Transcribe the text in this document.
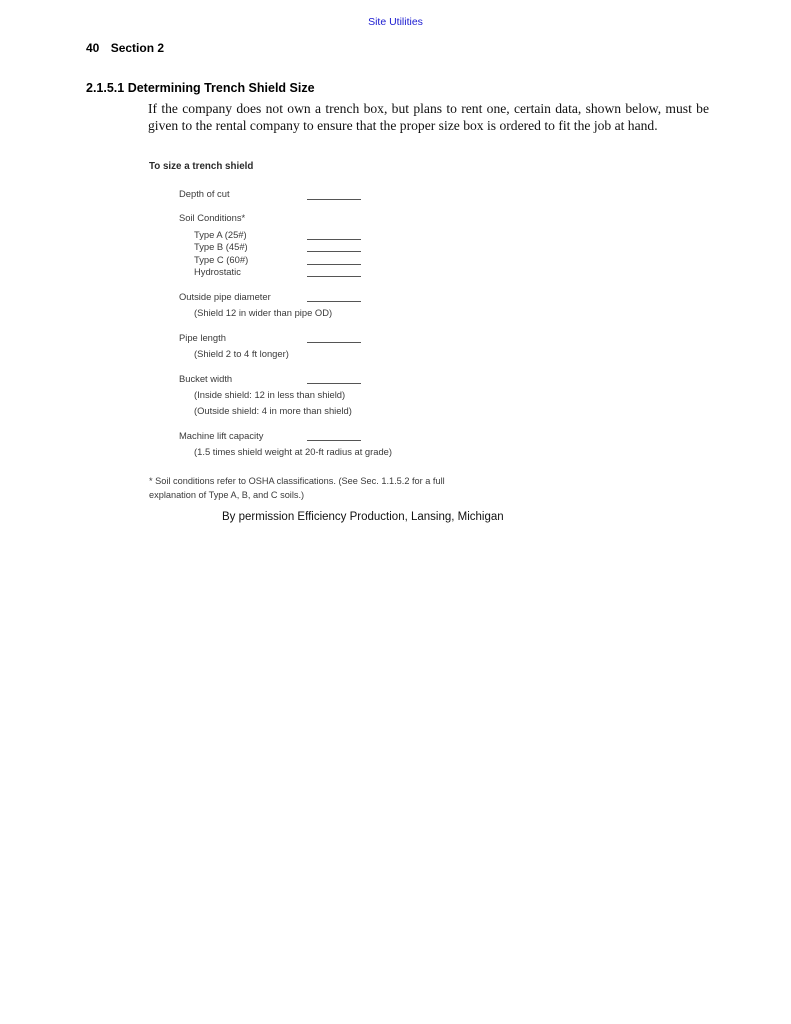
Site Utilities
40 Section 2
2.1.5.1 Determining Trench Shield Size
If the company does not own a trench box, but plans to rent one, certain data, shown below, must be given to the rental company to ensure that the proper size box is ordered to fit the job at hand.
To size a trench shield
Depth of cut
Soil Conditions*
Type A (25#)
Type B (45#)
Type C (60#)
Hydrostatic
Outside pipe diameter
(Shield 12 in wider than pipe OD)
Pipe length
(Shield 2 to 4 ft longer)
Bucket width
(Inside shield: 12 in less than shield)
(Outside shield: 4 in more than shield)
Machine lift capacity
(1.5 times shield weight at 20-ft radius at grade)
* Soil conditions refer to OSHA classifications. (See Sec. 1.1.5.2 for a full explanation of Type A, B, and C soils.)
By permission Efficiency Production, Lansing, Michigan
